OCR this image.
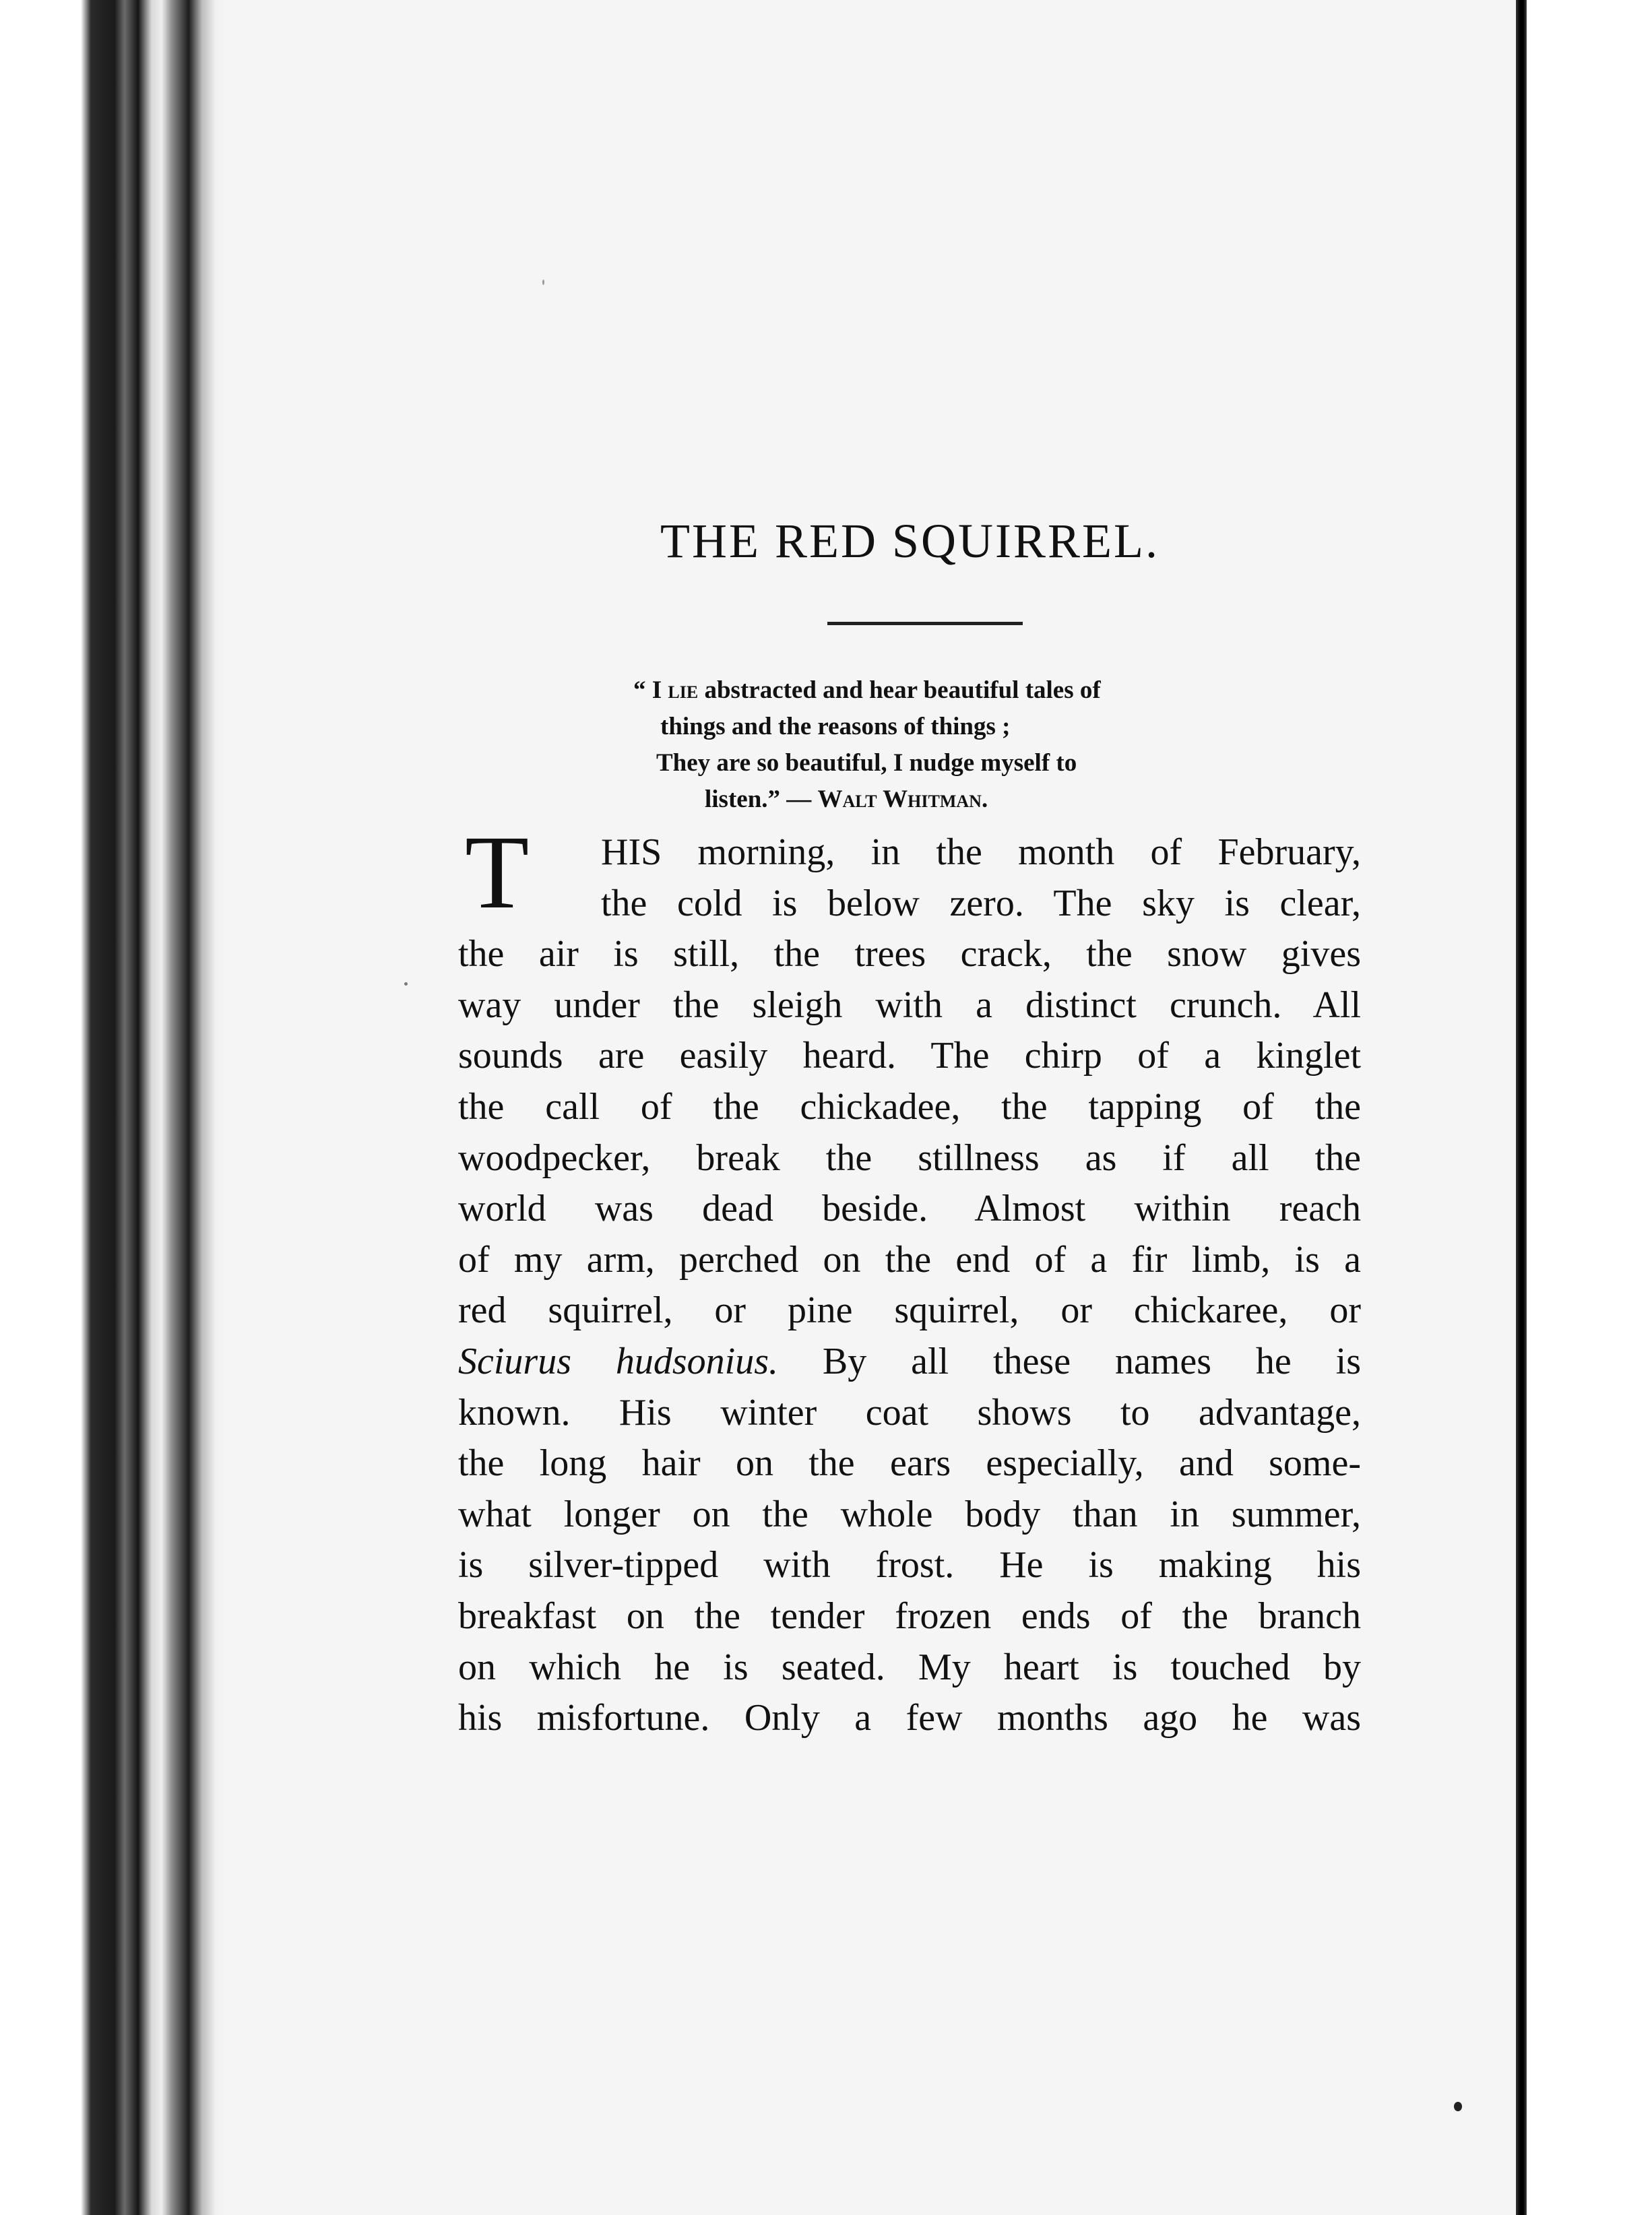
THE RED SQUIRREL.
“ I lie abstracted and hear beautiful tales of
things and the reasons of things ;
They are so beautiful, I nudge myself to
listen.” — Walt Whitman.
T	HIS morning, in the month of February,
the cold is below zero. The sky is clear,
the air is still, the trees crack, the snow gives
way under the sleigh with a distinct crunch. All
sounds are easily heard. The chirp of a kinglet
the call of the chickadee, the tapping of the
woodpecker, break the stillness as if all the
world was dead beside. Almost within reach
of my arm, perched on the end of a fir limb, is a
red squirrel, or pine squirrel, or chickaree, or
Sciurus hudsonius. By all these names he is
known. His winter coat shows to advantage,
the long hair on the ears especially, and some-
what longer on the whole body than in summer,
is silver-tipped with frost. He is making his
breakfast on the tender frozen ends of the branch
on which he is seated. My heart is touched by
his misfortune. Only a few months ago he was
